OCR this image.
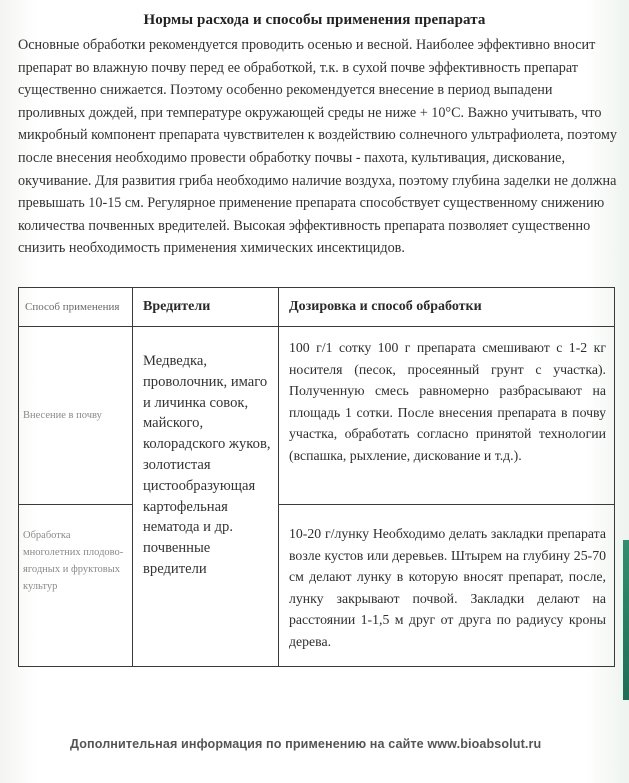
Нормы расхода и способы применения препарата
Основные обработки рекомендуется проводить осенью и весной. Наиболее эффективно вносит
препарат во влажную почву перед ее обработкой, т.к. в сухой почве эффективность препарат
существенно снижается. Поэтому особенно рекомендуется внесение в период выпадени
проливных дождей, при температуре окружающей среды не ниже + 10°С. Важно учитывать, что
микробный компонент препарата чувствителен к воздействию солнечного ультрафиолета, поэтому
после внесения необходимо провести обработку почвы - пахота, культивация, дискование,
окучивание. Для развития гриба необходимо наличие воздуха, поэтому глубина заделки не должна
превышать 10-15 см. Регулярное применение препарата способствует существенному снижению
количества почвенных вредителей. Высокая эффективность препарата позволяет существенно
снизить необходимость применения химических инсектицидов.
Способ применения	Вредители	Дозировка и способ обработки

Внесение в почву	Медведка, проволочник, имаго и личинка совок, майского, колорадского жуков, золотистая цистообразующая картофельная нематода и др. почвенные вредители	100 г/1 сотку 100 г препарата смешивают с 1-2 кг носителя (песок, просеянный грунт с участка). Полученную смесь равномерно разбрасывают на площадь 1 сотки. После внесения препарата в почву участка, обработать согласно принятой технологии (вспашка, рыхление, дискование и т.д.).
Обработка многолетних плодово-ягодных и фруктовых культур		10-20 г/лунку Необходимо делать закладки препарата возле кустов или деревьев. Штырем на глубину 25-70 см делают лунку в которую вносят препарат, после, лунку закрывают почвой. Закладки делают на расстоянии 1-1,5 м друг от друга по радиусу кроны дерева.
Дополнительная информация по применению на сайте www.bioabsolut.ru
